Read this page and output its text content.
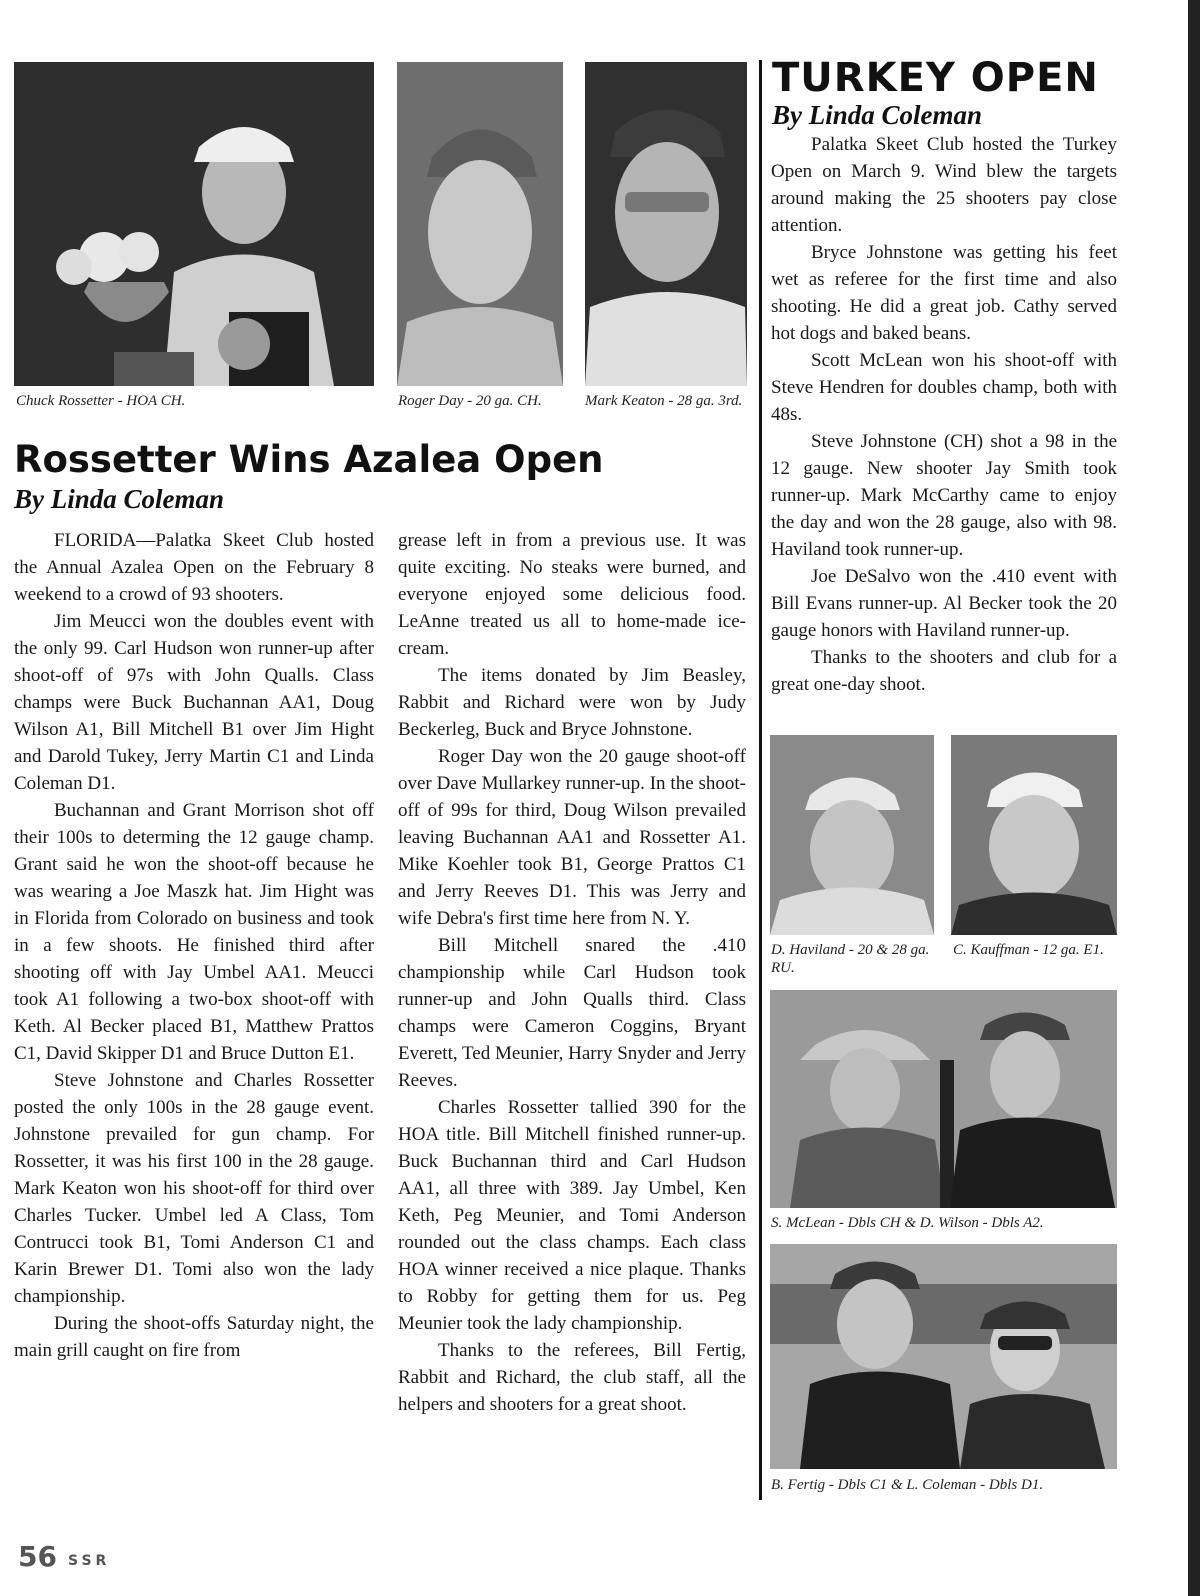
Chuck Rossetter - HOA CH.	Roger Day - 20 ga. CH.	Mark Keaton - 28 ga. 3rd.
Rossetter Wins Azalea Open
By Linda Coleman

FLORIDA—Palatka Skeet Club hosted the Annual Azalea Open on the February 8 weekend to a crowd of 93 shooters.

Jim Meucci won the doubles event with the only 99. Carl Hudson won runner-up after shoot-off of 97s with John Qualls. Class champs were Buck Buchannan AA1, Doug Wilson A1, Bill Mitchell B1 over Jim Hight and Darold Tukey, Jerry Martin C1 and Linda Coleman D1.

Buchannan and Grant Morrison shot off their 100s to determing the 12 gauge champ. Grant said he won the shoot-off because he was wearing a Joe Maszk hat. Jim Hight was in Florida from Colorado on business and took in a few shoots. He finished third after shooting off with Jay Umbel AA1. Meucci took A1 following a two-box shoot-off with Keth. Al Becker placed B1, Matthew Prattos C1, David Skipper D1 and Bruce Dutton E1.

Steve Johnstone and Charles Rossetter posted the only 100s in the 28 gauge event. Johnstone prevailed for gun champ. For Rossetter, it was his first 100 in the 28 gauge. Mark Keaton won his shoot-off for third over Charles Tucker. Umbel led A Class, Tom Contrucci took B1, Tomi Anderson C1 and Karin Brewer D1. Tomi also won the lady championship.

During the shoot-offs Saturday night, the main grill caught on fire from

grease left in from a previous use. It was quite exciting. No steaks were burned, and everyone enjoyed some delicious food. LeAnne treated us all to home-made ice-cream.

The items donated by Jim Beasley, Rabbit and Richard were won by Judy Beckerleg, Buck and Bryce Johnstone.

Roger Day won the 20 gauge shoot-off over Dave Mullarkey runner-up. In the shoot-off of 99s for third, Doug Wilson prevailed leaving Buchannan AA1 and Rossetter A1. Mike Koehler took B1, George Prattos C1 and Jerry Reeves D1. This was Jerry and wife Debra's first time here from N. Y.

Bill Mitchell snared the .410 championship while Carl Hudson took runner-up and John Qualls third. Class champs were Cameron Coggins, Bryant Everett, Ted Meunier, Harry Snyder and Jerry Reeves.

Charles Rossetter tallied 390 for the HOA title. Bill Mitchell finished runner-up. Buck Buchannan third and Carl Hudson AA1, all three with 389. Jay Umbel, Ken Keth, Peg Meunier, and Tomi Anderson rounded out the class champs. Each class HOA winner received a nice plaque. Thanks to Robby for getting them for us. Peg Meunier took the lady championship.

Thanks to the referees, Bill Fertig, Rabbit and Richard, the club staff, all the helpers and shooters for a great shoot.

TURKEY OPEN
By Linda Coleman

Palatka Skeet Club hosted the Turkey Open on March 9. Wind blew the targets around making the 25 shooters pay close attention.

Bryce Johnstone was getting his feet wet as referee for the first time and also shooting. He did a great job. Cathy served hot dogs and baked beans.

Scott McLean won his shoot-off with Steve Hendren for doubles champ, both with 48s.

Steve Johnstone (CH) shot a 98 in the 12 gauge. New shooter Jay Smith took runner-up. Mark McCarthy came to enjoy the day and won the 28 gauge, also with 98. Haviland took runner-up.

Joe DeSalvo won the .410 event with Bill Evans runner-up. Al Becker took the 20 gauge honors with Haviland runner-up.

Thanks to the shooters and club for a great one-day shoot.

D. Haviland - 20 & 28 ga. RU.
C. Kauffman - 12 ga. E1.
S. McLean - Dbls CH & D. Wilson - Dbls A2.
B. Fertig - Dbls C1 & L. Coleman - Dbls D1.
56 SSR
